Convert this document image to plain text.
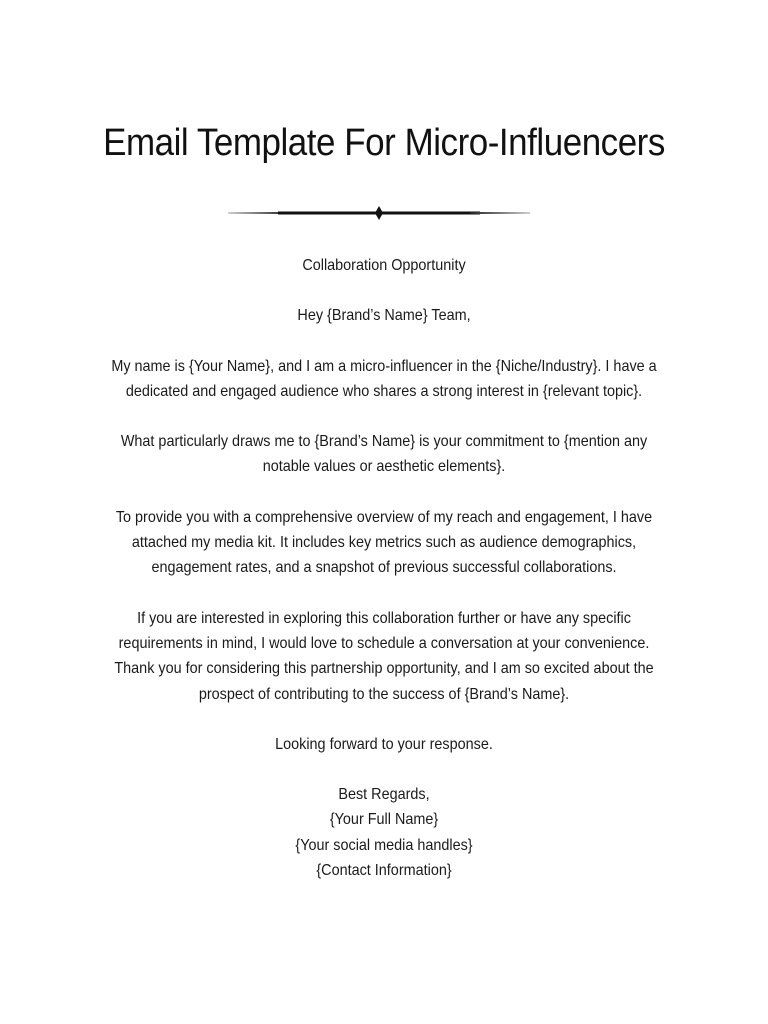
Email Template For Micro-Influencers

Collaboration Opportunity

Hey {Brand’s Name} Team,

My name is {Your Name}, and I am a micro-influencer in the {Niche/Industry}. I have a dedicated and engaged audience who shares a strong interest in {relevant topic}.

What particularly draws me to {Brand’s Name} is your commitment to {mention any notable values or aesthetic elements}.

To provide you with a comprehensive overview of my reach and engagement, I have attached my media kit. It includes key metrics such as audience demographics, engagement rates, and a snapshot of previous successful collaborations.

If you are interested in exploring this collaboration further or have any specific requirements in mind, I would love to schedule a conversation at your convenience. Thank you for considering this partnership opportunity, and I am so excited about the prospect of contributing to the success of {Brand’s Name}.

Looking forward to your response.

Best Regards,
{Your Full Name}
{Your social media handles}
{Contact Information}
